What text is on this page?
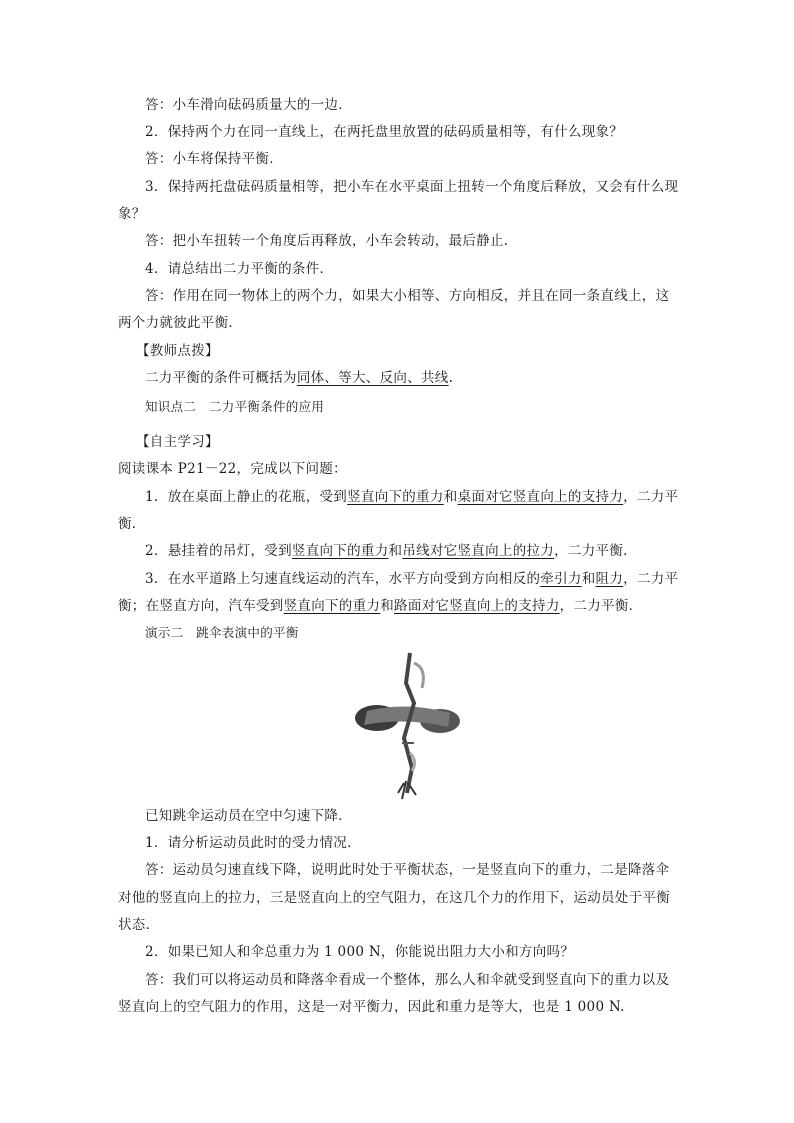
答：小车滑向砝码质量大的一边．
2．保持两个力在同一直线上，在两托盘里放置的砝码质量相等，有什么现象？
答：小车将保持平衡．
3．保持两托盘砝码质量相等，把小车在水平桌面上扭转一个角度后释放，又会有什么现
象？
答：把小车扭转一个角度后再释放，小车会转动，最后静止．
4．请总结出二力平衡的条件．
答：作用在同一物体上的两个力，如果大小相等、方向相反，并且在同一条直线上，这
两个力就彼此平衡．
【教师点拨】
二力平衡的条件可概括为同体、等大、反向、共线.
知识点二　二力平衡条件的应用
【自主学习】
阅读课本 P21－22，完成以下问题：
1．放在桌面上静止的花瓶，受到竖直向下的重力和桌面对它竖直向上的支持力，二力平
衡．
2．悬挂着的吊灯，受到竖直向下的重力和吊线对它竖直向上的拉力，二力平衡．
3．在水平道路上匀速直线运动的汽车，水平方向受到方向相反的牵引力和阻力，二力平
衡；在竖直方向，汽车受到竖直向下的重力和路面对它竖直向上的支持力，二力平衡．
演示二　跳伞表演中的平衡
已知跳伞运动员在空中匀速下降．
1．请分析运动员此时的受力情况．
答：运动员匀速直线下降，说明此时处于平衡状态，一是竖直向下的重力，二是降落伞
对他的竖直向上的拉力，三是竖直向上的空气阻力，在这几个力的作用下，运动员处于平衡
状态．
2．如果已知人和伞总重力为 1 000 N，你能说出阻力大小和方向吗？
答：我们可以将运动员和降落伞看成一个整体，那么人和伞就受到竖直向下的重力以及
竖直向上的空气阻力的作用，这是一对平衡力，因此和重力是等大，也是 1 000 N.
